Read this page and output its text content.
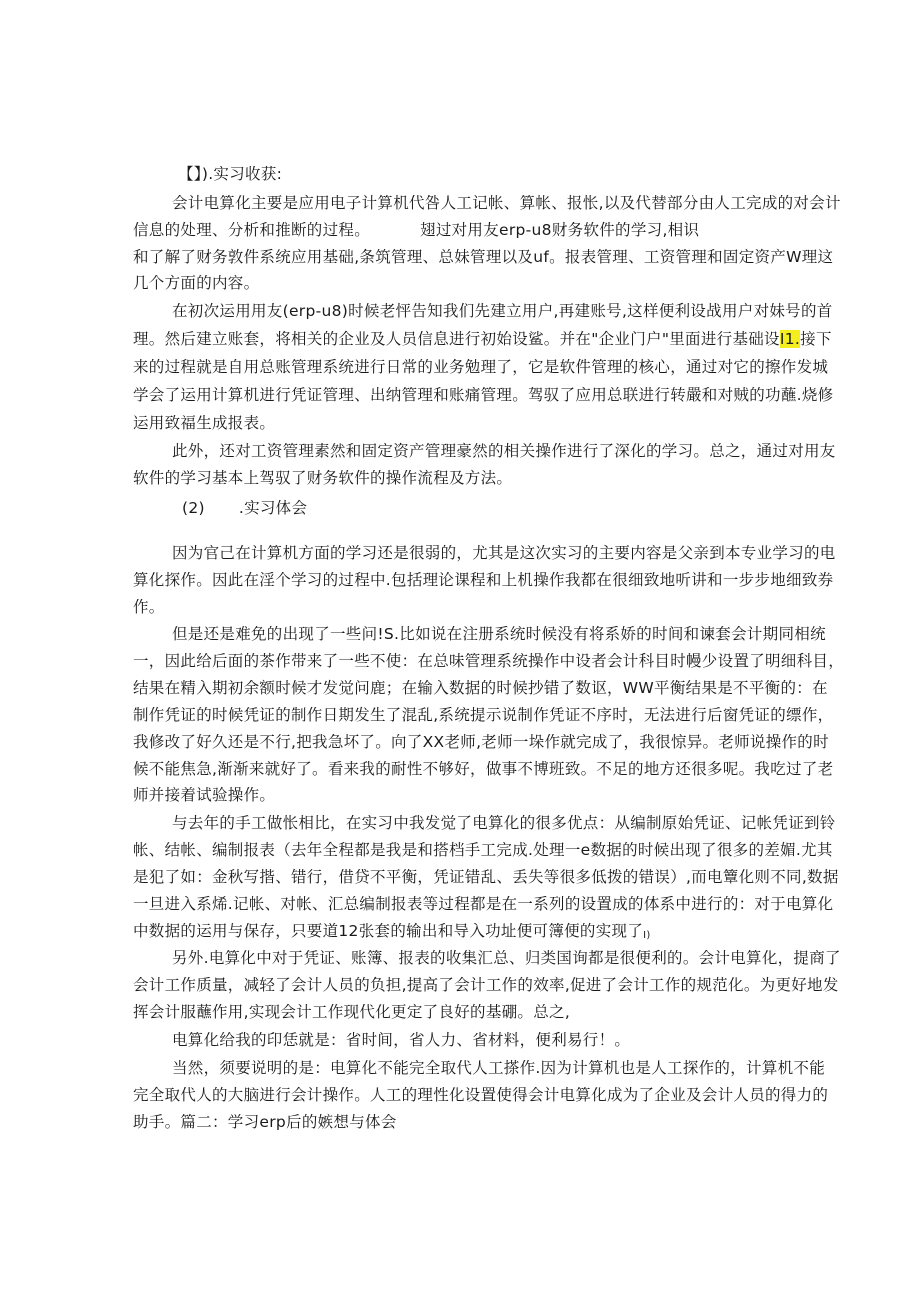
【】).实习收获:
会计电算化主要是应用电子计算机代咎人工记帐、算帐、报怅,以及代替部分由人工完成的对会计
信息的处理、分析和推断的过程。	翅过对用友erp-u8财务软件的学习,相识
和了解了财务敦件系统应用基础,条筑管理、总妹管理以及uf。报表管理、工资管理和固定资产W理这
几个方面的内容。
在初次运用用友(erp-u8)时候老怦告知我们先建立用户,再建账号,这样便利设战用户对妹号的首
理。然后建立账套，将相关的企业及人员信息进行初始设鲨。并在"企业门户"里面进行基础设I1.接下
来的过程就是自用总账管理系统进行日常的业务勉理了，它是软件管理的核心，通过对它的擦作发城
学会了运用计算机进行凭证管理、出纳管理和账痛管理。驾驭了应用总联进行转嚴和对贼的功蘸.烧修
运用致福生成报表。
此外，还对工资管理素然和固定资产管理豪然的相关操作进行了深化的学习。总之，通过对用友
软件的学习基本上驾驭了财务软件的操作流程及方法。
(2) .实习体会
因为官己在计算机方面的学习还是很弱的，尤其是这次实习的主要内容是父亲到本专业学习的电
算化探作。因此在淫个学习的过程中.包括理论课程和上机操作我都在很细致地听讲和一步步地细致券
作。
但是还是难免的出现了一些问!S.比如说在注册系统时候没有将系娇的时间和谏套会计期同相统
一，因此给后面的茶作带来了一些不使：在总味管理系统操作中设者会计科目时幔少设置了明细科目，
结果在精入期初余额时候才发觉问鹿；在输入数据的时候抄错了数讴，WW平衡结果是不平衡的：在
制作凭证的时候凭证的制作日期发生了混乱,系统提示说制作凭证不序时，无法进行后窗凭证的缥作，
我修改了好久还是不行,把我急坏了。向了XX老师,老师一垛作就完成了，我很惊异。老师说操作的时
候不能焦急,渐渐来就好了。看来我的耐性不够好，做事不博班致。不足的地方还很多呢。我吃过了老
师并接着试验操作。
与去年的手工做怅相比，在实习中我发觉了电算化的很多优点：从编制原始凭证、记帐凭证到铃
帐、结帐、编制报表（去年全程都是我是和搭档手工完成.处理一e数据的时候出现了很多的差媚.尤其
是犯了如：金秋写揩、错行，借贷不平衡，凭证错乱、丢失等很多低拨的错误）,而电簟化则不同,数据
一旦进入系烯.记帐、对帐、汇总编制报表等过程都是在一系列的设置成的体系中进行的：对于电算化
中数据的运用与保存，只要道12张套的输出和导入功址便可簿便的实现了I)
另外.电算化中对于凭证、账簿、报表的收集汇总、归类国询都是很便利的。会计电算化，提商了
会计工作质量，减轻了会计人员的负担,提高了会计工作的效率,促进了会计工作的规范化。为更好地发
挥会计服蘸作用,实现会计工作现代化更定了良好的基硼。总之,
电算化给我的印恁就是：省时间，省人力、省材料，便利易行！。
当然，须要说明的是：电算化不能完全取代人工搽作.因为计算机也是人工探作的，计算机不能
完全取代人的大脑进行会计操作。人工的理性化设置使得会计电算化成为了企业及会计人员的得力的
助手。篇二：学习erp后的嫉想与体会
